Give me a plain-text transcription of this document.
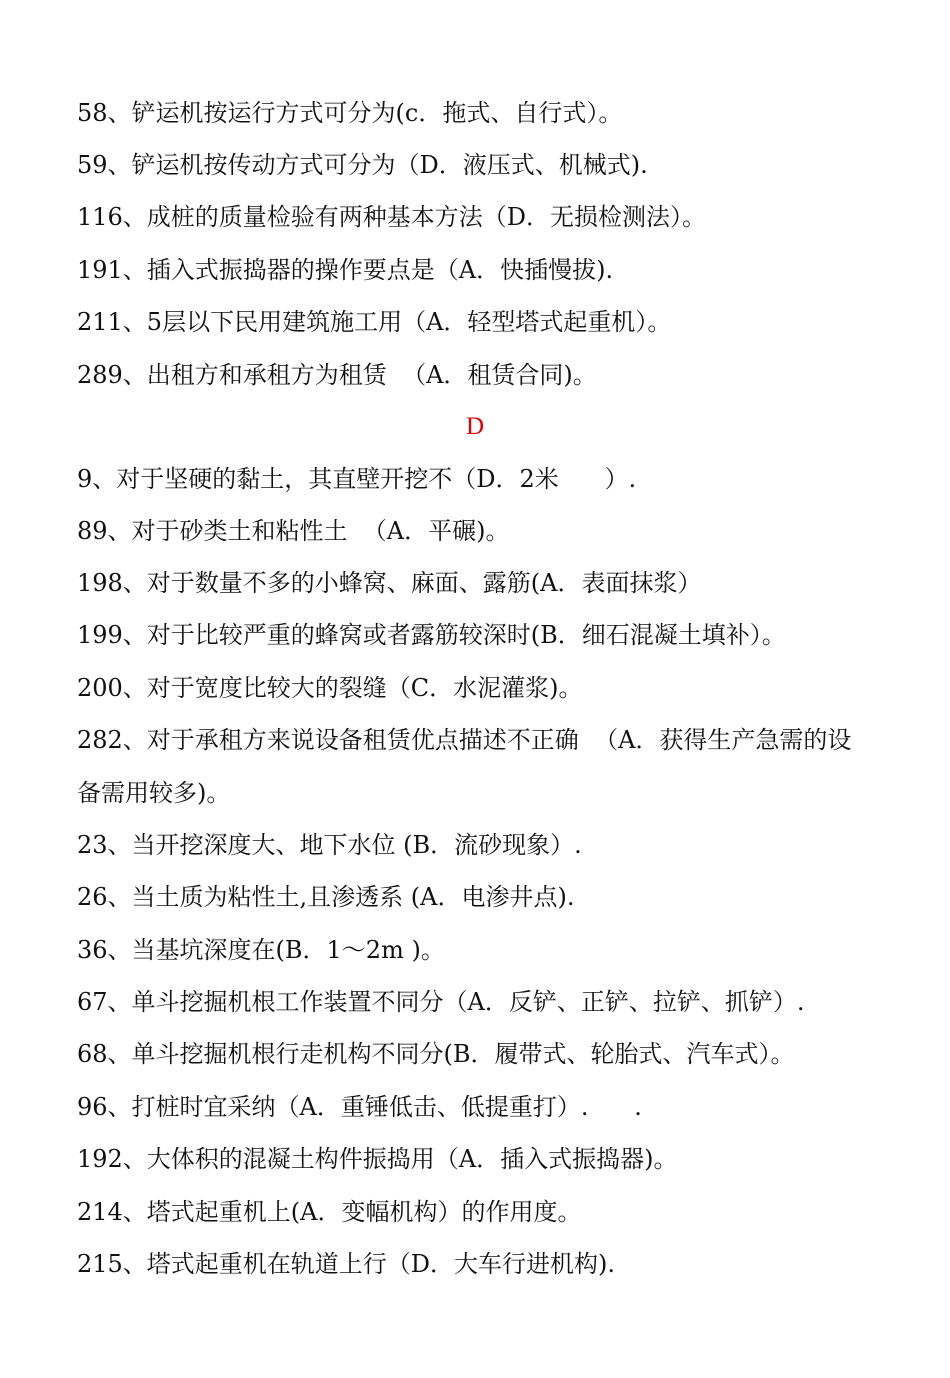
58、铲运机按运行方式可分为(c．拖式、自行式）。
59、铲运机按传动方式可分为（D．液压式、机械式).
116、成桩的质量检验有两种基本方法（D．无损检测法）。
191、插入式振捣器的操作要点是（A．快插慢拔).
211、5层以下民用建筑施工用（A．轻型塔式起重机）。
289、出租方和承租方为租赁  （A．租赁合同)。
D
9、对于坚硬的黏土，其直壁开挖不（D．2米      ）.
89、对于砂类土和粘性土  （A．平碾)。
198、对于数量不多的小蜂窝、麻面、露筋(A．表面抹浆）
199、对于比较严重的蜂窝或者露筋较深时(B．细石混凝土填补）。
200、对于宽度比较大的裂缝（C．水泥灌浆)。
282、对于承租方来说设备租赁优点描述不正确  （A．获得生产急需的设
备需用较多)。
23、当开挖深度大、地下水位 (B．流砂现象）.
26、当土质为粘性土,且渗透系 (A．电渗井点).
36、当基坑深度在(B．1～2m )。
67、单斗挖掘机根工作装置不同分（A．反铲、正铲、拉铲、抓铲）.
68、单斗挖掘机根行走机构不同分(B．履带式、轮胎式、汽车式）。
96、打桩时宜采纳（A．重锤低击、低提重打）.      .
192、大体积的混凝土构件振捣用（A．插入式振捣器)。
214、塔式起重机上(A．变幅机构）的作用度。
215、塔式起重机在轨道上行（D．大车行进机构).
